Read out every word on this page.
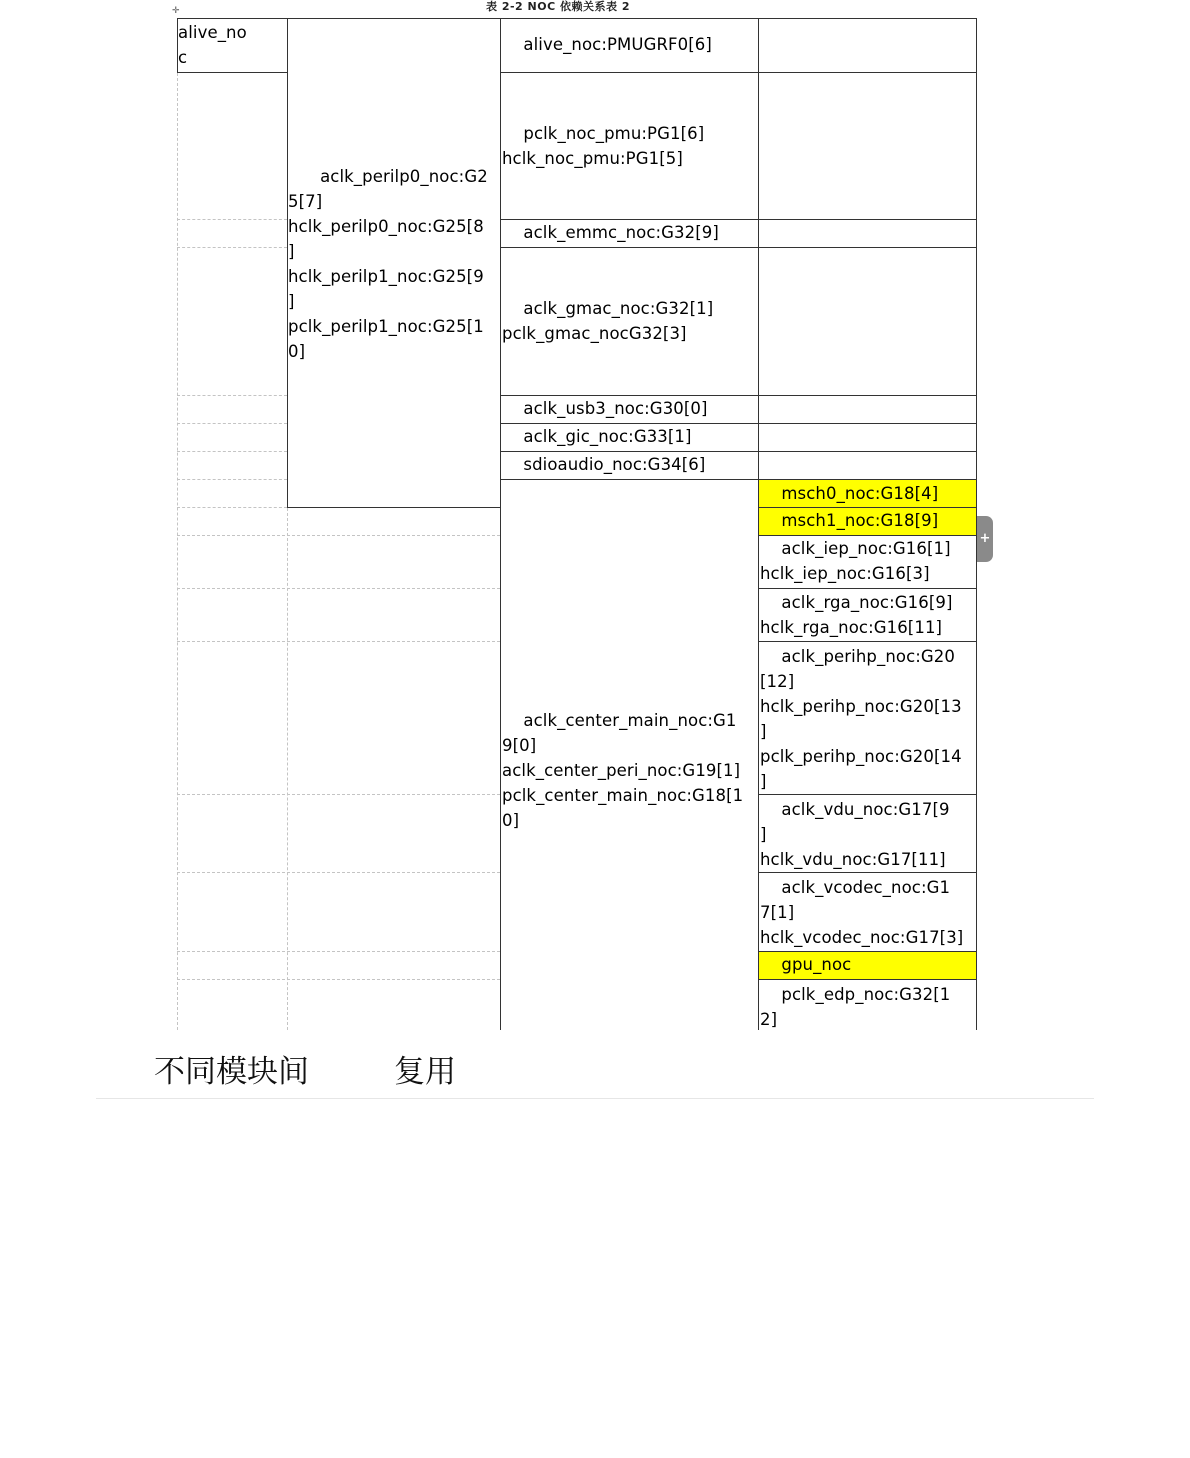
✛	表 2-2 NOC 依赖关系表 2
alive_no
c
aclk_perilp0_noc:G2
5[7]
hclk_perilp0_noc:G25[8
]
hclk_perilp1_noc:G25[9
]
pclk_perilp1_noc:G25[1
0]
alive_noc:PMUGRF0[6]
pclk_noc_pmu:PG1[6]
hclk_noc_pmu:PG1[5]
aclk_emmc_noc:G32[9]
aclk_gmac_noc:G32[1]
pclk_gmac_nocG32[3]
aclk_usb3_noc:G30[0]
aclk_gic_noc:G33[1]
sdioaudio_noc:G34[6]
aclk_center_main_noc:G1
9[0]
aclk_center_peri_noc:G19[1]
pclk_center_main_noc:G18[1
0]
msch0_noc:G18[4]
msch1_noc:G18[9]
aclk_iep_noc:G16[1]
hclk_iep_noc:G16[3]
aclk_rga_noc:G16[9]
hclk_rga_noc:G16[11]
aclk_perihp_noc:G20
[12]
hclk_perihp_noc:G20[13
]
pclk_perihp_noc:G20[14
]
aclk_vdu_noc:G17[9
]
hclk_vdu_noc:G17[11]
aclk_vcodec_noc:G1
7[1]
hclk_vcodec_noc:G17[3]
gpu_noc
pclk_edp_noc:G32[1
2]
+
不同模块间	复用
